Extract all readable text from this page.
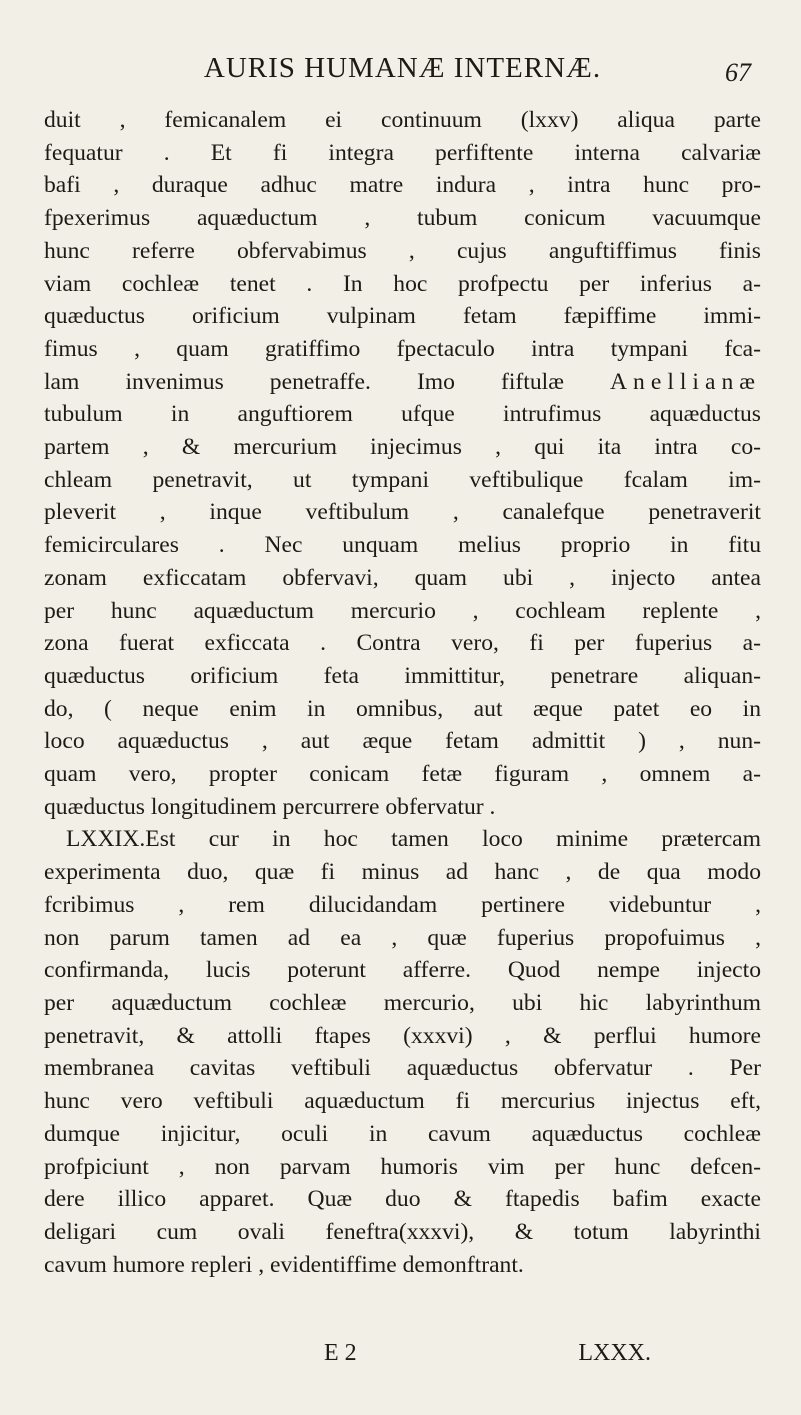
AURIS HUMANÆ INTERNÆ.	67
duit , femicanalem ei continuum (lxxv) aliqua parte
fequatur . Et fi integra perfiftente interna calvariæ
bafi , duraque adhuc matre indura , intra hunc pro-
fpexerimus aquæductum , tubum conicum vacuumque
hunc referre obfervabimus , cujus anguftiffimus finis
viam cochleæ tenet . In hoc profpectu per inferius a-
quæductus orificium vulpinam fetam fæpiffime immi-
fimus , quam gratiffimo fpectaculo intra tympani fca-
lam invenimus penetraffe. Imo fiftulæ Anellianæ
tubulum in anguftiorem ufque intrufimus aquæductus
partem , & mercurium injecimus , qui ita intra co-
chleam penetravit, ut tympani veftibulique fcalam im-
pleverit , inque veftibulum , canalefque penetraverit
femicirculares . Nec unquam melius proprio in fitu
zonam exficcatam obfervavi, quam ubi , injecto antea
per hunc aquæductum mercurio , cochleam replente ,
zona fuerat exficcata . Contra vero, fi per fuperius a-
quæductus orificium feta immittitur, penetrare aliquan-
do, ( neque enim in omnibus, aut æque patet eo in
loco aquæductus , aut æque fetam admittit ) , nun-
quam vero, propter conicam fetæ figuram , omnem a-
quæductus longitudinem percurrere obfervatur .
LXXIX.Est cur in hoc tamen loco minime prætercam
experimenta duo, quæ fi minus ad hanc , de qua modo
fcribimus , rem dilucidandam pertinere videbuntur ,
non parum tamen ad ea , quæ fuperius propofuimus ,
confirmanda, lucis poterunt afferre. Quod nempe injecto
per aquæductum cochleæ mercurio, ubi hic labyrinthum
penetravit, & attolli ftapes (xxxvi) , & perflui humore
membranea cavitas veftibuli aquæductus obfervatur . Per
hunc vero veftibuli aquæductum fi mercurius injectus eft,
dumque injicitur, oculi in cavum aquæductus cochleæ
profpiciunt , non parvam humoris vim per hunc defcen-
dere illico apparet. Quæ duo & ftapedis bafim exacte
deligari cum ovali feneftra(xxxvi), & totum labyrinthi
cavum humore repleri , evidentiffime demonftrant.
E 2	LXXX.
